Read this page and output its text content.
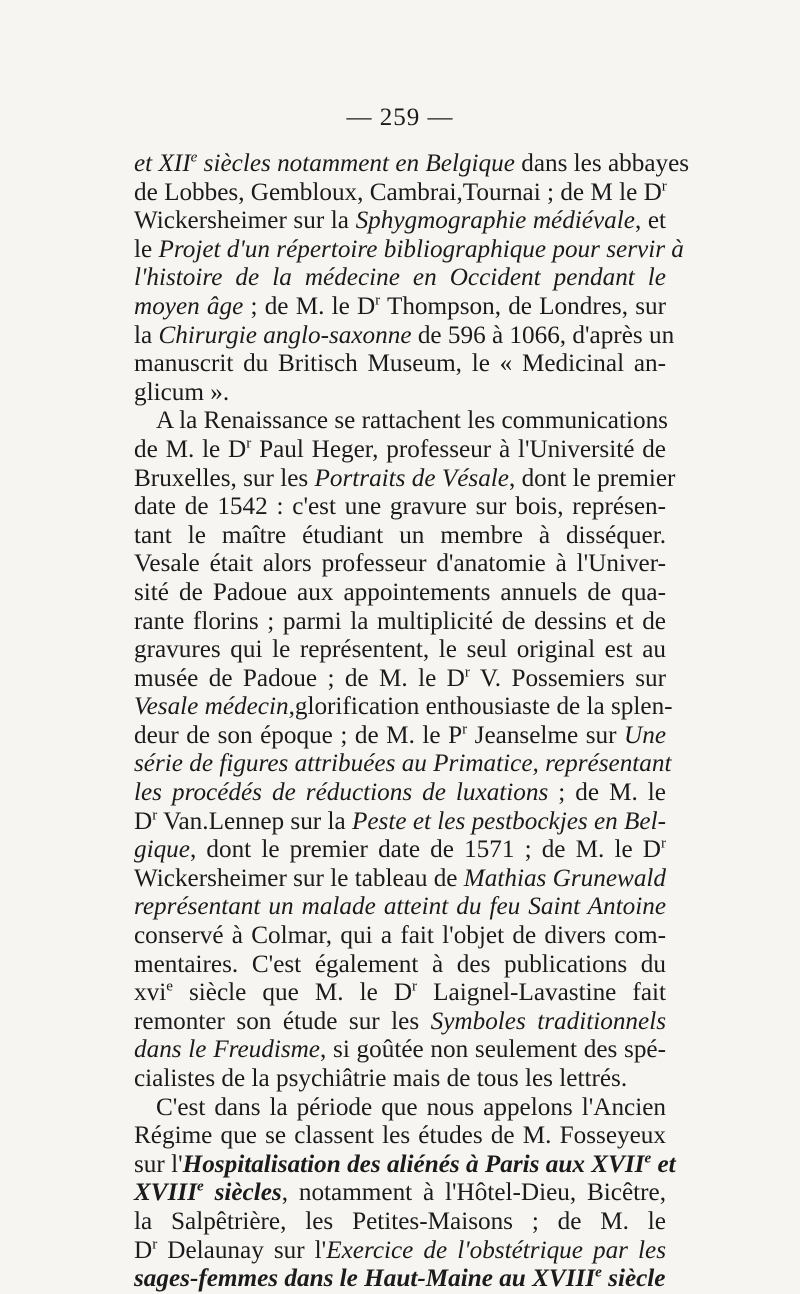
— 259 —
et XIIe siècles notamment en Belgique dans les abbayes
de Lobbes, Gembloux, Cambrai,Tournai ; de M le $D^r$
Wickersheimer sur la Sphygmographie médiévale, et
le Projet d'un répertoire bibliographique pour servir à
l'histoire de la médecine en Occident pendant le
moyen âge ; de M. le $D^r$ Thompson, de Londres, sur
la Chirurgie anglo-saxonne de 596 à 1066, d'après un
manuscrit du Britisch Museum, le « Medicinal an-
glicum ».
A la Renaissance se rattachent les communications
de M. le $D^r$ Paul Heger, professeur à l'Université de
Bruxelles, sur les Portraits de Vésale, dont le premier
date de 1542 : c'est une gravure sur bois, représen-
tant le maître étudiant un membre à disséquer.
Vesale était alors professeur d'anatomie à l'Univer-
sité de Padoue aux appointements annuels de qua-
rante florins ; parmi la multiplicité de dessins et de
gravures qui le représentent, le seul original est au
musée de Padoue ; de M. le $D^r$ V. Possemiers sur
Vesale médecin,glorification enthousiaste de la splen-
deur de son époque ; de M. le $P^r$ Jeanselme sur Une
série de figures attribuées au Primatice, représentant
les procédés de réductions de luxations ; de M. le
$D^r$ Van.Lennep sur la Peste et les pestbockjes en Bel-
gique, dont le premier date de 1571 ; de M. le $D^r$
Wickersheimer sur le tableau de Mathias Grunewald
représentant un malade atteint du feu Saint Antoine
conservé à Colmar, qui a fait l'objet de divers com-
mentaires. C'est également à des publications du
xvi$^e$ siècle que M. le $D^r$ Laignel-Lavastine fait
remonter son étude sur les Symboles traditionnels
dans le Freudisme, si goûtée non seulement des spé-
cialistes de la psychiâtrie mais de tous les lettrés.
C'est dans la période que nous appelons l'Ancien
Régime que se classent les études de M. Fosseyeux
sur l'Hospitalisation des aliénés à Paris aux XVIIe et
XVIIIe siècles, notamment à l'Hôtel-Dieu, Bicêtre,
la Salpêtrière, les Petites-Maisons ; de M. le
$D^r$ Delaunay sur l'Exercice de l'obstétrique par les
sages-femmes dans le Haut-Maine au XVIIIe siècle
